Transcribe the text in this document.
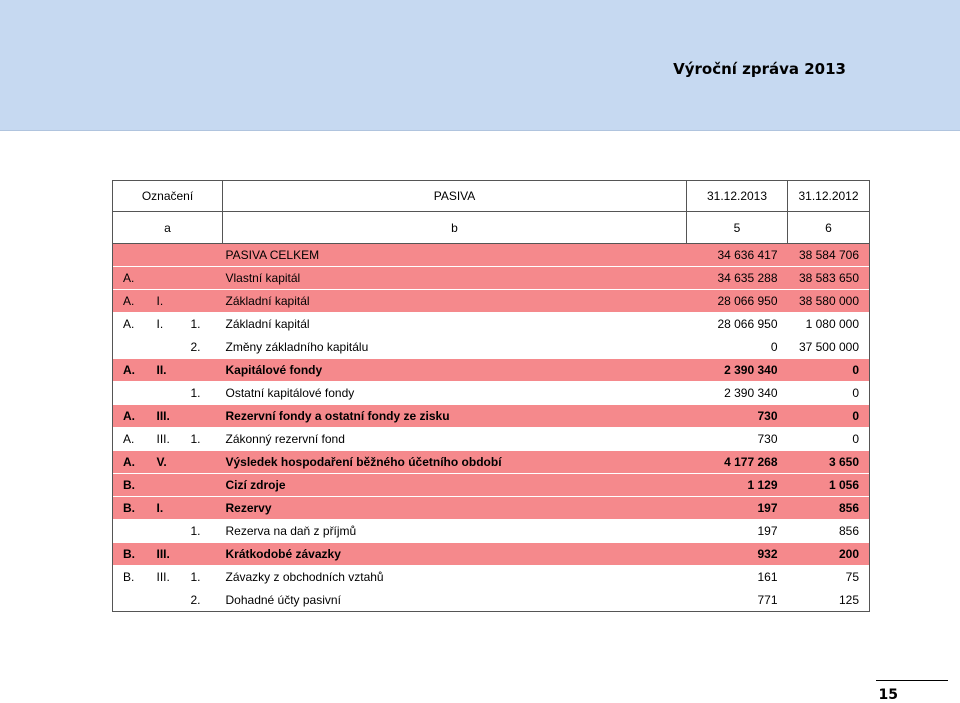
Výroční zpráva 2013
Označení			PASIVA	31.12.2013	31.12.2012
a			b	5	6
			PASIVA CELKEM	34 636 417	38 584 706
A.			Vlastní kapitál	34 635 288	38 583 650
A.	I.		Základní kapitál	28 066 950	38 580 000
A.	I.	1.	Základní kapitál	28 066 950	1 080 000
		2.	Změny základního kapitálu	0	37 500 000
A.	II.		Kapitálové fondy	2 390 340	0
		1.	Ostatní kapitálové fondy	2 390 340	0
A.	III.		Rezervní fondy a ostatní fondy ze zisku	730	0
A.	III.	1.	Zákonný rezervní fond	730	0
A.	V.		Výsledek hospodaření běžného účetního období	4 177 268	3 650
B.			Cizí zdroje	1 129	1 056
B.	I.		Rezervy	197	856
		1.	Rezerva na daň z příjmů	197	856
B.	III.		Krátkodobé závazky	932	200
B.	III.	1.	Závazky z obchodních vztahů	161	75
		2.	Dohadné účty pasivní	771	125
15
